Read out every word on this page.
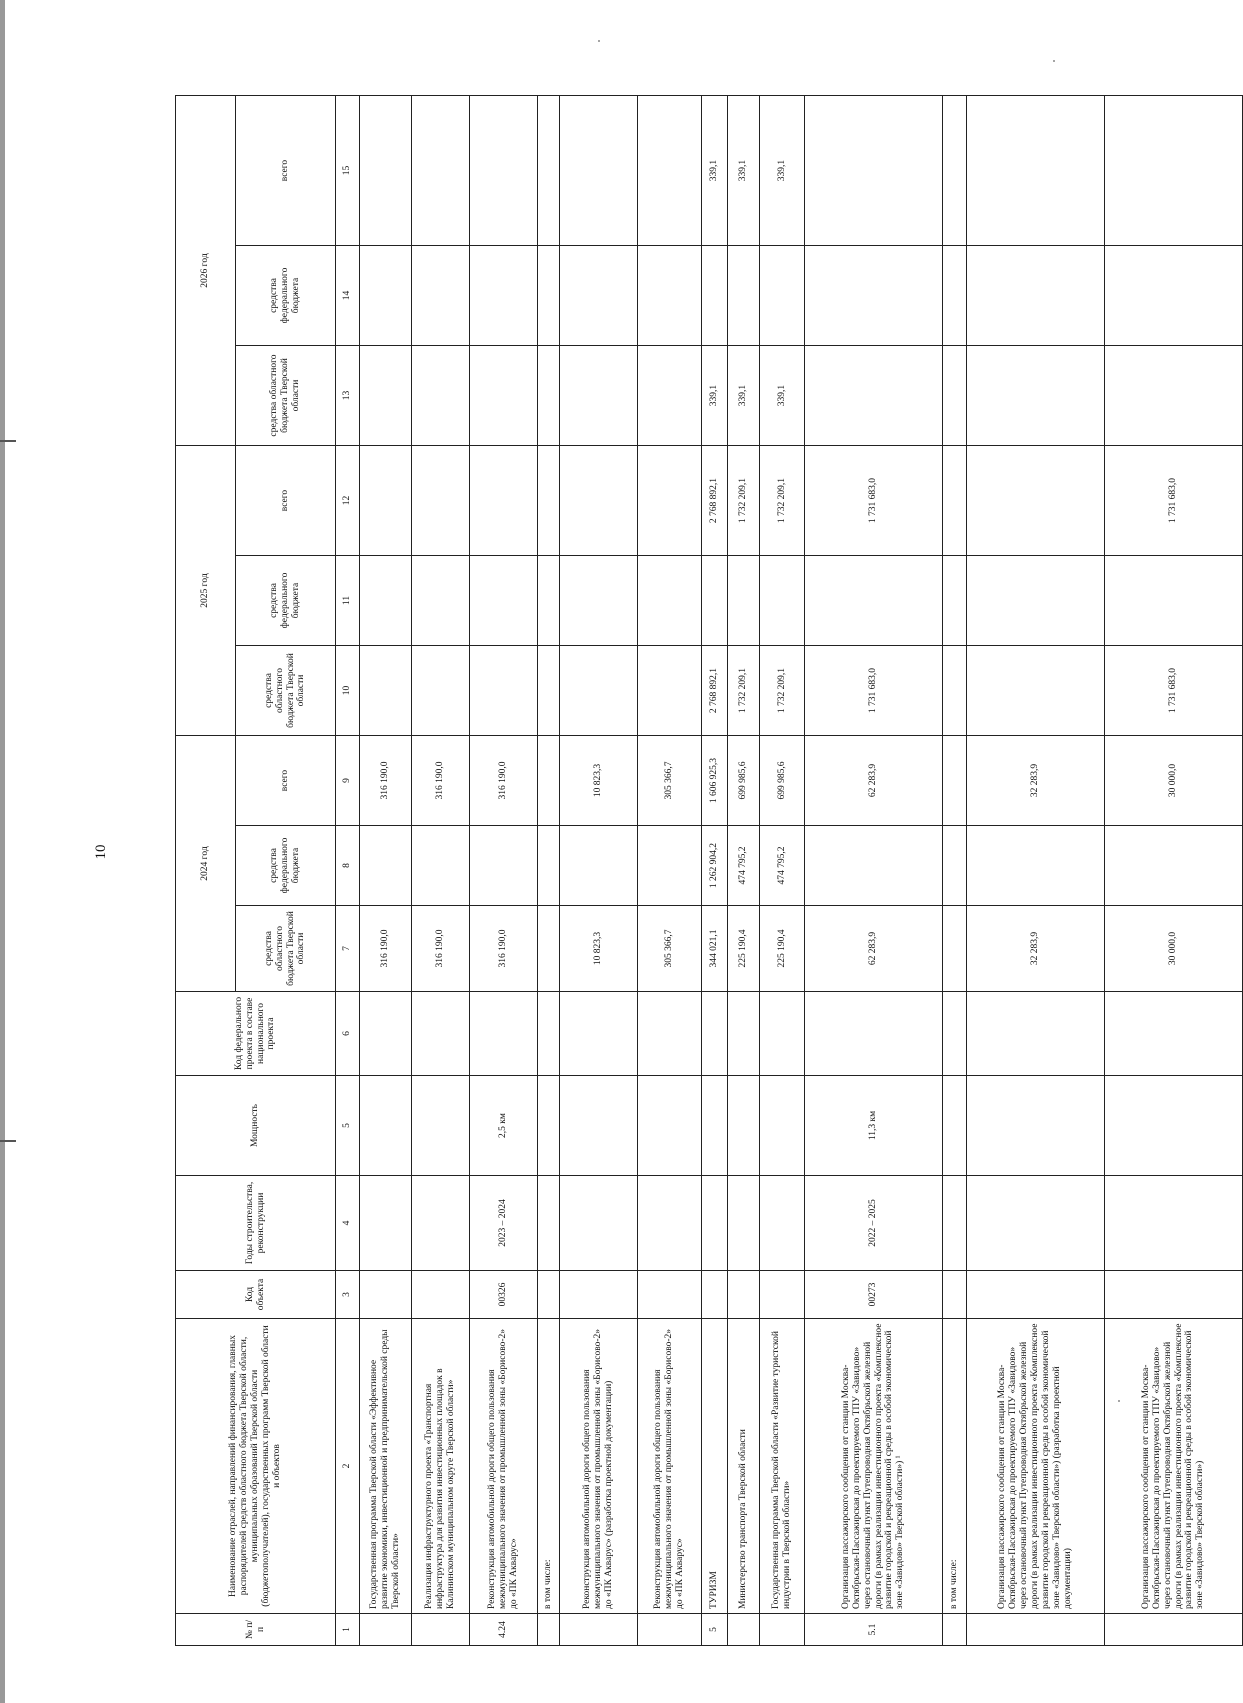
10
№ п/п	Наименование отраслей, направлений финансирования, главных распорядителей средств областного бюджета Тверской области, муниципальных образований Тверской области (бюджетополучателей), государственных программ Тверской области и объектов	Код объекта	Годы строительства, реконструкции	Мощность	Код федерального проекта в составе национального проекта	2024 год			2025 год			2026 год		
						средства областного бюджета Тверской области	средства федерального бюджета	всего	средства областного бюджета Тверской области	средства федерального бюджета	всего	средства областного бюджета Тверской области	средства федерального бюджета	всего
1	2	3	4	5	6	7	8	9	10	11	12	13	14	15
	Государственная программа Тверской области «Эффективное развитие экономики, инвестиционной и предпринимательской среды Тверской области»					316 190,0		316 190,0						
	Реализация инфраструктурного проекта «Транспортная инфраструктура для развития инвестиционных площадок в Калининском муниципальном округе Тверской области»					316 190,0		316 190,0						
4.24	Реконструкция автомобильной дороги общего пользования межмуниципального значения от промышленной зоны «Борисово-2» до «ПК Акварус»	00326	2023 – 2024	2,5 км		316 190,0		316 190,0						
	в том числе:													
	Реконструкция автомобильной дороги общего пользования межмуниципального значения от промышленной зоны «Борисово-2» до «ПК Акварус» (разработка проектной документации)					10 823,3		10 823,3						
	Реконструкция автомобильной дороги общего пользования межмуниципального значения от промышленной зоны «Борисово-2» до «ПК Акварус»					305 366,7		305 366,7						
5	ТУРИЗМ					344 021,1	1 262 904,2	1 606 925,3	2 768 892,1		2 768 892,1	339,1		339,1
	Министерство транспорта Тверской области					225 190,4	474 795,2	699 985,6	1 732 209,1		1 732 209,1	339,1		339,1
	Государственная программа Тверской области «Развитие туристской индустрии в Тверской области»					225 190,4	474 795,2	699 985,6	1 732 209,1		1 732 209,1	339,1		339,1
5.1	Организация пассажирского сообщения от станции Москва-Октябрьская-Пассажирская до проектируемого ТПУ «Завидово» через остановочный пункт Путепроводная Октябрьской железной дороги (в рамках реализации инвестиционного проекта «Комплексное развитие городской и рекреационной среды в особой экономической зоне «Завидово» Тверской области») ¹	00273	2022 – 2025	11,3 км		62 283,9		62 283,9	1 731 683,0		1 731 683,0			
	в том числе:													
	Организация пассажирского сообщения от станции Москва-Октябрьская-Пассажирская до проектируемого ТПУ «Завидово» через остановочный пункт Путепроводная Октябрьской железной дороги (в рамках реализации инвестиционного проекта «Комплексное развитие городской и рекреационной среды в особой экономической зоне «Завидово» Тверской области») (разработка проектной документации)					32 283,9		32 283,9						
	Организация пассажирского сообщения от станции Москва-Октябрьская-Пассажирская до проектируемого ТПУ «Завидово» через остановочный пункт Путепроводная Октябрьской железной дороги (в рамках реализации инвестиционного проекта «Комплексное развитие городской и рекреационной среды в особой экономической зоне «Завидово» Тверской области»)					30 000,0		30 000,0	1 731 683,0		1 731 683,0			
